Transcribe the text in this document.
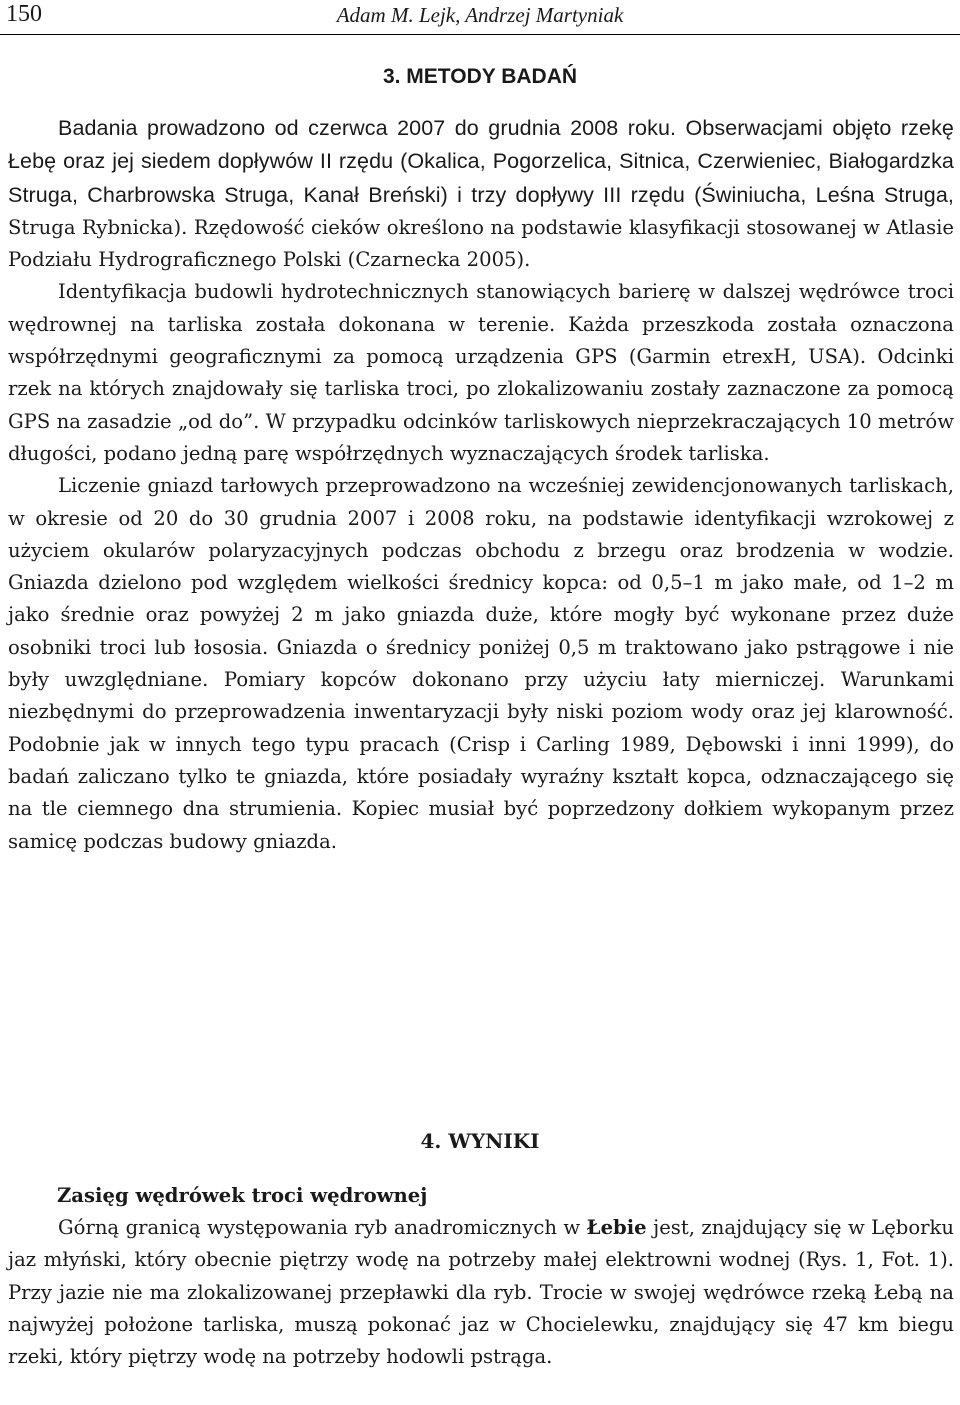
150	Adam M. Lejk, Andrzej Martyniak
3. METODY BADAŃ

Badania prowadzono od czerwca 2007 do grudnia 2008 roku. Obserwacjami objęto rzekę Łebę oraz jej siedem dopływów II rzędu (Okalica, Pogorzelica, Sitnica, Czerwieniec, Białogardzka Struga, Charbrowska Struga, Kanał Breński) i trzy dopływy III rzędu (Świniucha, Leśna Struga, Struga Rybnicka). Rzędowość cieków określono na podstawie klasyfikacji stosowanej w Atlasie Podziału Hydrograficznego Polski (Czarnecka 2005).

Identyfikacja budowli hydrotechnicznych stanowiących barierę w dalszej wędrówce troci wędrownej na tarliska została dokonana w terenie. Każda przeszkoda została oznaczona współrzędnymi geograficznymi za pomocą urządzenia GPS (Garmin etrexH, USA). Odcinki rzek na których znajdowały się tarliska troci, po zlokalizowaniu zostały zaznaczone za pomocą GPS na zasadzie „od do”. W przypadku odcinków tarliskowych nieprzekraczających 10 metrów długości, podano jedną parę współrzędnych wyznaczających środek tarliska.

Liczenie gniazd tarłowych przeprowadzono na wcześniej zewidencjonowanych tarliskach, w okresie od 20 do 30 grudnia 2007 i 2008 roku, na podstawie identyfikacji wzrokowej z użyciem okularów polaryzacyjnych podczas obchodu z brzegu oraz brodzenia w wodzie. Gniazda dzielono pod względem wielkości średnicy kopca: od 0,5–1 m jako małe, od 1–2 m jako średnie oraz powyżej 2 m jako gniazda duże, które mogły być wykonane przez duże osobniki troci lub łososia. Gniazda o średnicy poniżej 0,5 m traktowano jako pstrągowe i nie były uwzględniane. Pomiary kopców dokonano przy użyciu łaty mierniczej. Warunkami niezbędnymi do przeprowadzenia inwentaryzacji były niski poziom wody oraz jej klarowność. Podobnie jak w innych tego typu pracach (Crisp i Carling 1989, Dębowski i inni 1999), do badań zaliczano tylko te gniazda, które posiadały wyraźny kształt kopca, odznaczającego się na tle ciemnego dna strumienia. Kopiec musiał być poprzedzony dołkiem wykopanym przez samicę podczas budowy gniazda.

4. WYNIKI
Zasięg wędrówek troci wędrownej

Górną granicą występowania ryb anadromicznych w Łebie jest, znajdujący się w Lęborku jaz młyński, który obecnie piętrzy wodę na potrzeby małej elektrowni wodnej (Rys. 1, Fot. 1). Przy jazie nie ma zlokalizowanej przepławki dla ryb. Trocie w swojej wędrówce rzeką Łebą na najwyżej położone tarliska, muszą pokonać jaz w Chocielewku, znajdujący się 47 km biegu rzeki, który piętrzy wodę na potrzeby hodowli pstrąga.
